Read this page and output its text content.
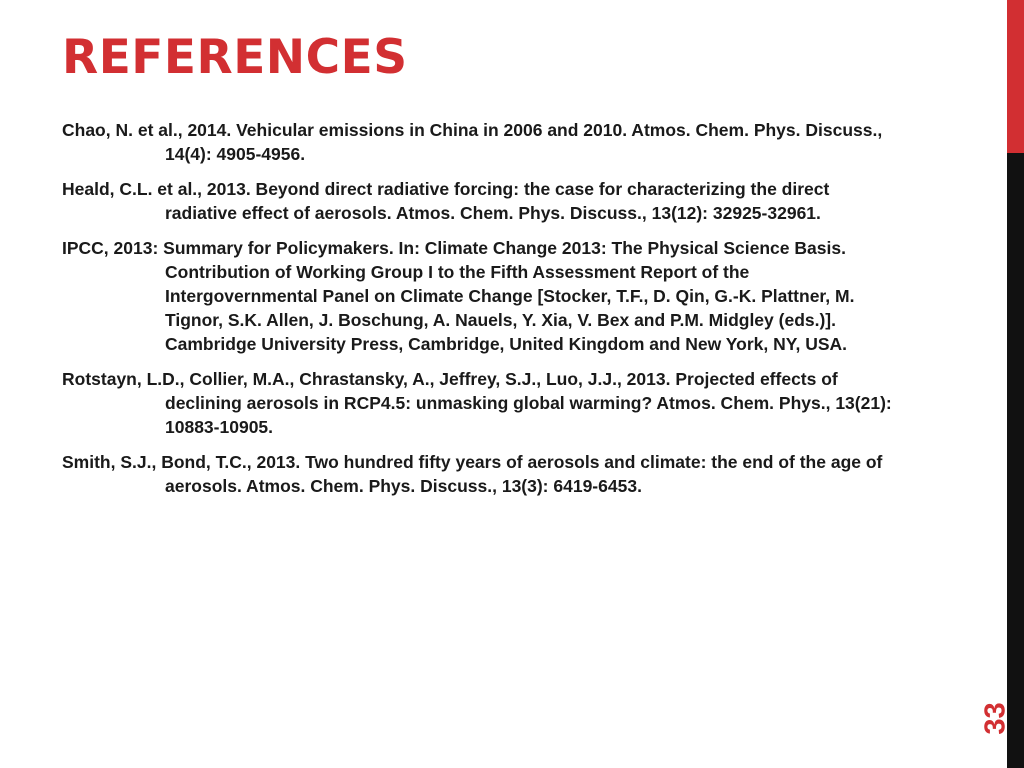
REFERENCES
Chao, N. et al., 2014. Vehicular emissions in China in 2006 and 2010. Atmos. Chem. Phys. Discuss., 14(4): 4905-4956.
Heald, C.L. et al., 2013. Beyond direct radiative forcing: the case for characterizing the direct radiative effect of aerosols. Atmos. Chem. Phys. Discuss., 13(12): 32925-32961.
IPCC, 2013: Summary for Policymakers. In: Climate Change 2013: The Physical Science Basis. Contribution of Working Group I to the Fifth Assessment Report of the Intergovernmental Panel on Climate Change [Stocker, T.F., D. Qin, G.-K. Plattner, M. Tignor, S.K. Allen, J. Boschung, A. Nauels, Y. Xia, V. Bex and P.M. Midgley (eds.)]. Cambridge University Press, Cambridge, United Kingdom and New York, NY, USA.
Rotstayn, L.D., Collier, M.A., Chrastansky, A., Jeffrey, S.J., Luo, J.J., 2013. Projected effects of declining aerosols in RCP4.5: unmasking global warming? Atmos. Chem. Phys., 13(21): 10883-10905.
Smith, S.J., Bond, T.C., 2013. Two hundred fifty years of aerosols and climate: the end of the age of aerosols. Atmos. Chem. Phys. Discuss., 13(3): 6419-6453.
33
